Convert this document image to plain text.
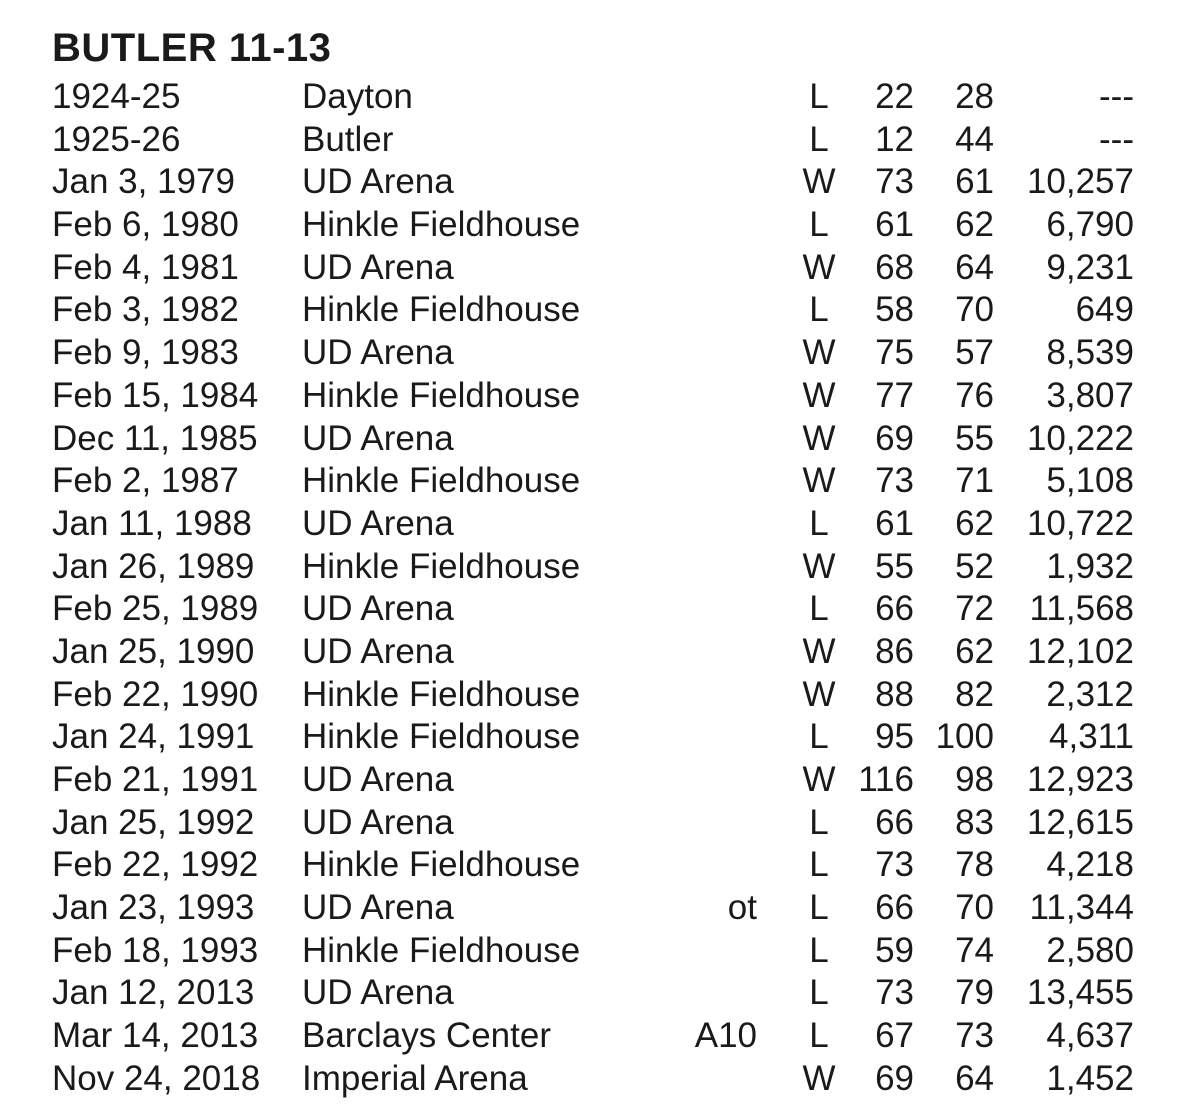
BUTLER 11-13
1924-25	Dayton	L 22 28	---
1925-26	Butler	L 12 44	---
Jan 3, 1979 UD Arena	W 73 61 10,257
Feb 6, 1980 Hinkle Fieldhouse	L 61 62 6,790
Feb 4, 1981 UD Arena	W 68 64 9,231
Feb 3, 1982 Hinkle Fieldhouse	L 58 70 649
Feb 9, 1983 UD Arena	W 75 57 8,539
Feb 15, 1984 Hinkle Fieldhouse	W 77 76 3,807
Dec 11, 1985 UD Arena	W 69 55 10,222
Feb 2, 1987 Hinkle Fieldhouse	W 73 71 5,108
Jan 11, 1988 UD Arena	L 61 62 10,722
Jan 26, 1989 Hinkle Fieldhouse	W 55 52 1,932
Feb 25, 1989 UD Arena	L 66 72 11,568
Jan 25, 1990 UD Arena	W 86 62 12,102
Feb 22, 1990 Hinkle Fieldhouse	W 88 82 2,312
Jan 24, 1991 Hinkle Fieldhouse	L 95 100 4,311
Feb 21, 1991 UD Arena	W 116 98 12,923
Jan 25, 1992 UD Arena	L 66 83 12,615
Feb 22, 1992 Hinkle Fieldhouse	L 73 78 4,218
Jan 23, 1993 UD Arena	ot L 66 70 11,344
Feb 18, 1993 Hinkle Fieldhouse	L 59 74 2,580
Jan 12, 2013 UD Arena	L 73 79 13,455
Mar 14, 2013 Barclays Center	A10 L 67 73 4,637
Nov 24, 2018 Imperial Arena	W 69 64 1,452
